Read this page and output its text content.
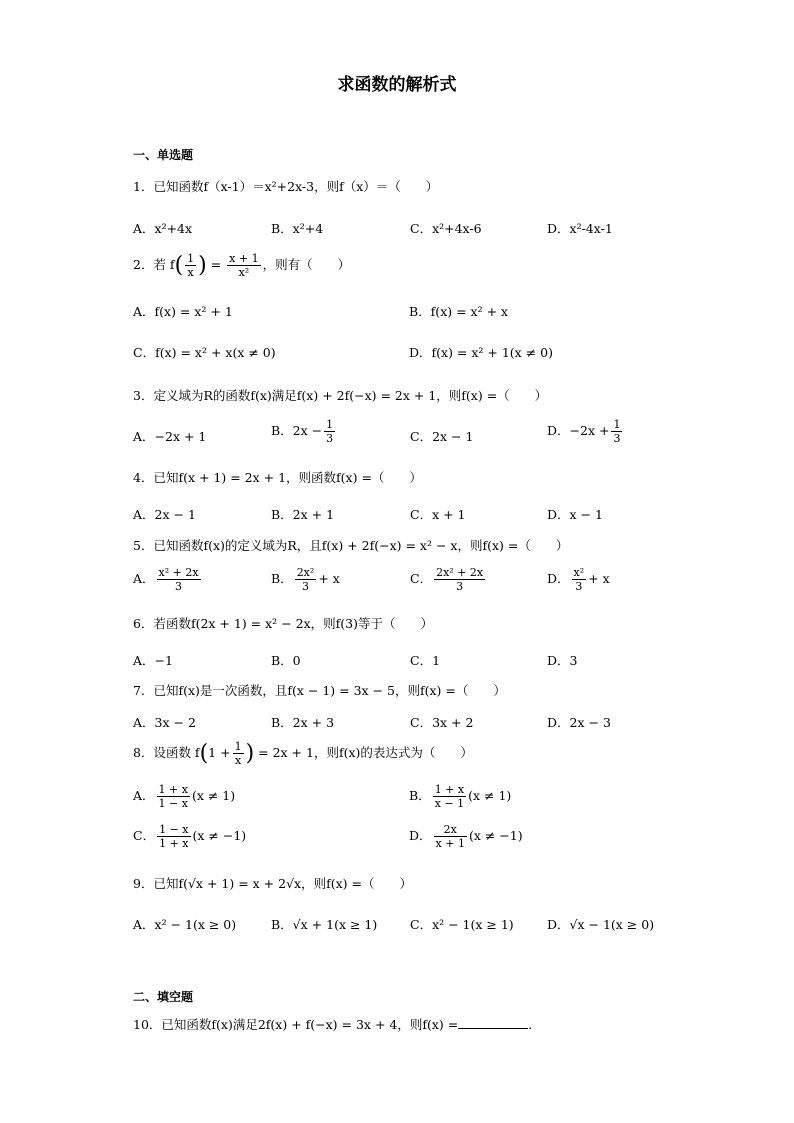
求函数的解析式
一、单选题
1．已知函数f（x-1）＝x²+2x-3，则f（x）＝（　　）
A．x²+4x	B．x²+4	C．x²+4x-6	D．x²-4x-1
2．若 $f( \frac{1}{x}$ ) = $\frac{x + 1}{\text{x²}}$ ，则有（　　）
A．f(x) = x² + 1	B．f(x) = x² + x
C．f(x) = x² + x(x ≠ 0)	D．f(x) = x² + 1(x ≠ 0)
3．定义域为R的函数f(x)满足f(x) + 2f(−x) = 2x + 1，则f(x) =（　　）
A．−2x + 1	B．$2x - \frac{1}{3}$	C．2x − 1	D．$-2x + \frac{1}{3}$
4．已知f(x + 1) = 2x + 1，则函数f(x) =（　　）
A．2x − 1	B．2x + 1	C．x + 1	D．x − 1
5．已知函数f(x)的定义域为R，且f(x) + 2f(−x) = x² − x，则f(x) =（　　）
A． $\frac{\text{x² + 2x}}{3}$	B． $\frac{\text{2x²}}{3} + x$	C． $\frac{\text{2x² + 2x}}{3}$	D． $\frac{\text{x²}}{3} + x$
6．若函数f(2x + 1) = x² − 2x，则f(3)等于（　　）
A．−1	B．0	C．1	D．3
7．已知f(x)是一次函数，且f(x − 1) = 3x − 5，则f(x) =（　　）
A．3x − 2	B．2x + 3	C．3x + 2	D．2x − 3
8．设函数 $f(1 + \frac{1}{x}$ ) = 2x + 1，则f(x)的表达式为（　　）
A． $\frac{1 + x}{1 - x} (x \ne 1)$	B． $\frac{1 + x}{x - 1} (x \ne 1)$
C． $\frac{1 - x}{1 + x} (x \ne -1)$	D． $\frac{2x}{x + 1} (x \ne -1)$
9．已知f(√x + 1) = x + 2√x，则f(x) =（　　）
A．x² − 1(x ≥ 0)	B．√x + 1(x ≥ 1)	C．x² − 1(x ≥ 1)	D．√x − 1(x ≥ 0)
二、填空题
10．已知函数f(x)满足2f(x) + f(−x) = 3x + 4，则f(x) =	.
